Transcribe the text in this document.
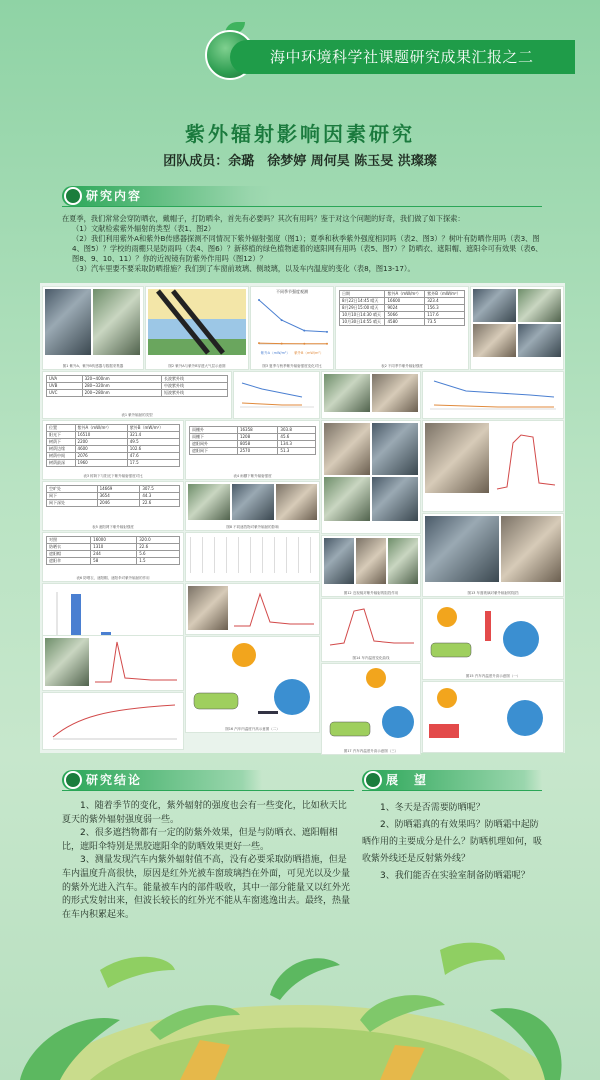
海中环境科学社课题研究成果汇报之二
紫外辐射影响因素研究
团队成员：余璐　徐梦婷 周何昊 陈玉旻 洪璨璨
研究内容

在夏季，我们常常会穿防晒衣，戴帽子，打防晒伞，首先有必要吗？其次有用吗？鉴于对这个问题的好奇，我们做了如下探索：

（1）文献检索紫外辐射的类型（表1、图2）

（2）我们利用紫外A和紫外B传感器探测不同情况下紫外辐射强度（图1）；夏季和秋季紫外强度相同吗（表2、图3）？树叶有防晒作用吗（表3、图4、图5）？学校的雨棚只是防雨吗（表4、图6）？新移植的绿色植物遮着的遮阳网有用吗（表5、图7）？防晒衣、遮阳帽、遮阳伞可有效果（表6、图8、9、10、11）？你的近视镜有防紫外作用吗（图12）？

（3）汽车里要不要采取防晒措施？我们到了车窗前玻璃、侧玻璃，以及车内温度的变化（表8，图13-17）。

图1 紫外A、紫外B传感器与数据采集器	图2 紫外A与紫外B穿透大气层示意图
不同季节强度观测
紫外A（mW/m²） 紫外B（mW/m²）
图3 夏季与秋季紫外辐射强度变化对比
日期	紫外A（mW/m²）	紫外B（mW/m²）
8月22日14:45 晴天	16600	323.4
8月29日15:00 晴天	9024	156.3
10月10日14:30 晴天	5066	117.6
10月30日14:55 晴天	4580	73.5
表2 不同季节紫外辐射强度
UVA	320~400nm	长波紫外线
UVB	280~320nm	中波紫外线
UVC	200~280nm	短波紫外线
表1 紫外辐射的类型
位置	紫外A（mW/m²）	紫外B（mW/m²）
阳光下	16510	321.4
树荫下	2200	49.5
树荫边缘	4600	102.6
树荫中间	2076	47.6
树荫最深	1960	17.5
表3 树荫下与阳光下紫外辐射强度对比
雨棚外	16358	303.8
雨棚下	1208	45.6
遮阳网外	8058	134.3
遮阳网下	2570	51.3
表4 雨棚下紫外辐射强度
空旷处	14669	307.5
网下	3654	44.3
网下深处	2046	22.6
表5 遮阳网下紫外辐射强度	图8 不同遮挡物对紫外辐射的影响
对照	16000	320.0
防晒衣	1310	22.6
遮阳帽	244	5.6
遮阳伞	58	1.5
表6 防晒衣、遮阳帽、遮阳伞对紫外辐射的作用
图12 近视镜对紫外辐射的阻挡作用	图13 车窗玻璃对紫外辐射的阻挡
图14 车内温度变化曲线
图15 汽车内温度升高示意图（一）
图16 汽车内温度升高示意图（二）
图17 汽车内温度升高示意图（三）
研究结论

1、随着季节的变化，紫外辐射的强度也会有一些变化，比如秋天比夏天的紫外辐射强度弱一些。

2、很多遮挡物都有一定的防紫外效果，但是与防晒衣、遮阳帽相比，遮阳伞特别是黑胶遮阳伞的防晒效果更好一些。

3、测量发现汽车内紫外辐射值不高，没有必要采取防晒措施，但是车内温度升高很快，原因是红外光被车窗玻璃挡在外面，可见光以及少量的紫外光进入汽车。能量被车内的部件吸收，其中一部分能量又以红外光的形式发射出来，但波长较长的红外光不能从车窗逃逸出去。最终，热量在车内积累起来。

展　望

1、冬天是否需要防晒呢？

2、防晒霜真的有效果吗？防晒霜中起防晒作用的主要成分是什么？防晒机理如何，吸收紫外线还是反射紫外线？

3、我们能否在实验室制备防晒霜呢？
